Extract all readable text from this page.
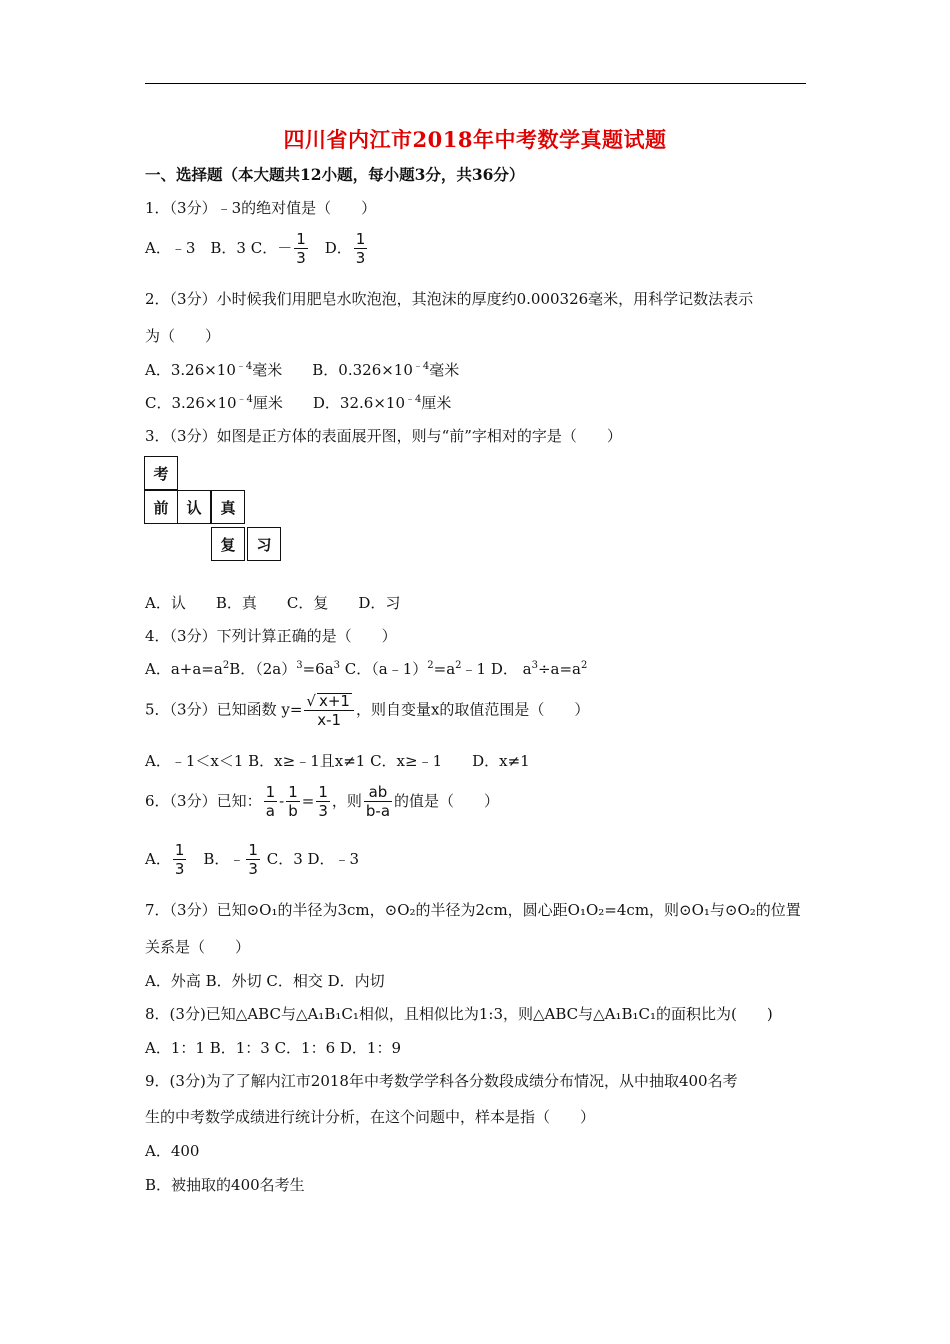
四川省内江市2018年中考数学真题试题
一、选择题（本大题共12小题，每小题3分，共36分）
1．（3分）﹣3的绝对值是（　　）
A．﹣3　B．3 C．－ $\frac{1}{3}$ 　D． $\frac{1}{3}$
2．（3分）小时候我们用肥皂水吹泡泡，其泡沫的厚度约0.000326毫米，用科学记数法表示
为（　　）
A．$3.26\times 10^{﹣4}$毫米　　B．$0.326\times 10^{﹣4}$毫米
C．$3.26\times 10^{﹣4}$厘米　　D．$32.6\times 10^{﹣4}$厘米
3．（3分）如图是正方体的表面展开图，则与“前”字相对的字是（　　）
考
前	认	真
复	习
A．认　　B．真　　C．复　　D．习
4．（3分）下列计算正确的是（　　）
A．$a+a=a^2B$．$(2a)^3=6a^3$ C．$(a﹣1)^2=a^2﹣1$ D． $a^3\div a=a^2$
5．（3分）已知函数 $y= \frac{√ x+1}{x-1}$ ，则自变量x的取值范围是（　　）
A．﹣1＜x＜1 B．x≥﹣1且x≠1 C．x≥﹣1　　D．x≠1
6．（3分）已知： $\frac{1}{a} - \frac{1}{b} = \frac{1}{3}$ ，则 $\frac{ab}{b-a}$ 的值是（　　）
A． $\frac{1}{3}$ 　B．﹣ $\frac{1}{3}$ C．3 D．﹣3
7．（3分）已知⊙O₁的半径为3cm，⊙O₂的半径为2cm，圆心距O₁O₂=4cm，则⊙O₁与⊙O₂的位置
关系是（　　）
A．外高 B．外切 C．相交 D．内切
8．(3分)已知△ABC与△A₁B₁C₁相似，且相似比为1:3，则△ABC与△A₁B₁C₁的面积比为(　　)
A．1：1 B．1：3 C．1：6 D．1：9
9．(3分)为了了解内江市2018年中考数学学科各分数段成绩分布情况，从中抽取400名考
生的中考数学成绩进行统计分析，在这个问题中，样本是指（　　）
A．400
B．被抽取的400名考生
